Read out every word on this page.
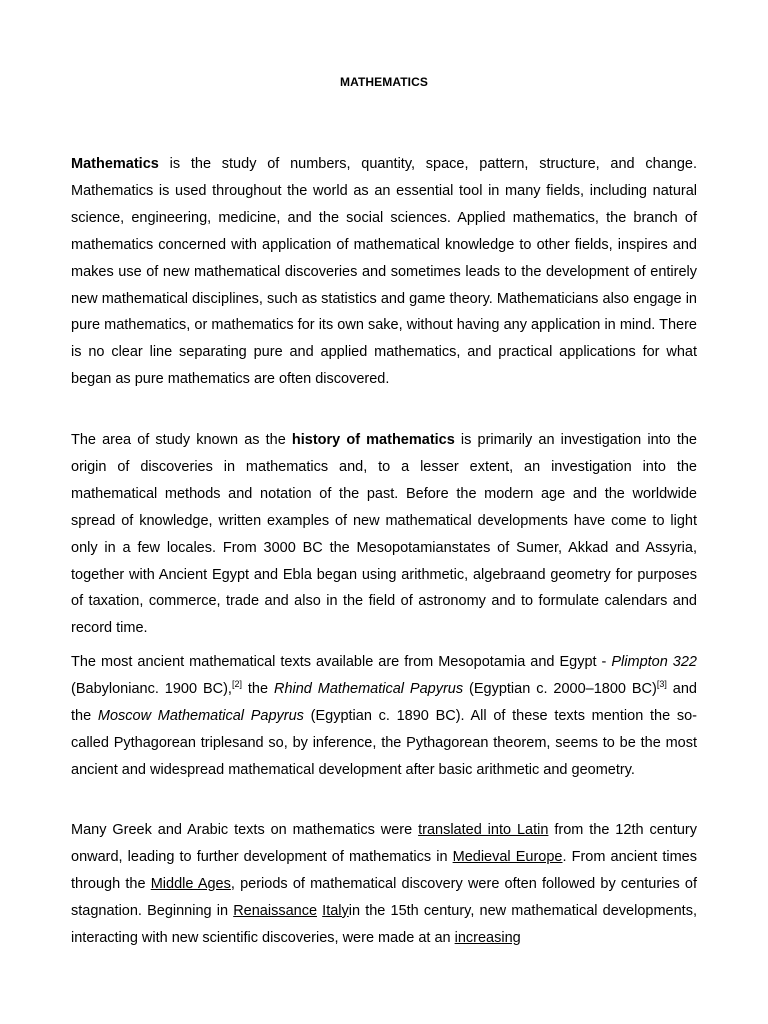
MATHEMATICS

Mathematics is the study of numbers, quantity, space, pattern, structure, and change. Mathematics is used throughout the world as an essential tool in many fields, including natural science, engineering, medicine, and the social sciences. Applied mathematics, the branch of mathematics concerned with application of mathematical knowledge to other fields, inspires and makes use of new mathematical discoveries and sometimes leads to the development of entirely new mathematical disciplines, such as statistics and game theory. Mathematicians also engage in pure mathematics, or mathematics for its own sake, without having any application in mind. There is no clear line separating pure and applied mathematics, and practical applications for what began as pure mathematics are often discovered.

The area of study known as the history of mathematics is primarily an investigation into the origin of discoveries in mathematics and, to a lesser extent, an investigation into the mathematical methods and notation of the past. Before the modern age and the worldwide spread of knowledge, written examples of new mathematical developments have come to light only in a few locales. From 3000 BC the Mesopotamianstates of Sumer, Akkad and Assyria, together with Ancient Egypt and Ebla began using arithmetic, algebraand geometry for purposes of taxation, commerce, trade and also in the field of astronomy and to formulate calendars and record time.

The most ancient mathematical texts available are from Mesopotamia and Egypt - Plimpton 322 (Babylonianc. 1900 BC),[2] the Rhind Mathematical Papyrus (Egyptian c. 2000–1800 BC)[3] and the Moscow Mathematical Papyrus (Egyptian c. 1890 BC). All of these texts mention the so-called Pythagorean triplesand so, by inference, the Pythagorean theorem, seems to be the most ancient and widespread mathematical development after basic arithmetic and geometry.

Many Greek and Arabic texts on mathematics were translated into Latin from the 12th century onward, leading to further development of mathematics in Medieval Europe. From ancient times through the Middle Ages, periods of mathematical discovery were often followed by centuries of stagnation. Beginning in Renaissance Italyin the 15th century, new mathematical developments, interacting with new scientific discoveries, were made at an increasing
